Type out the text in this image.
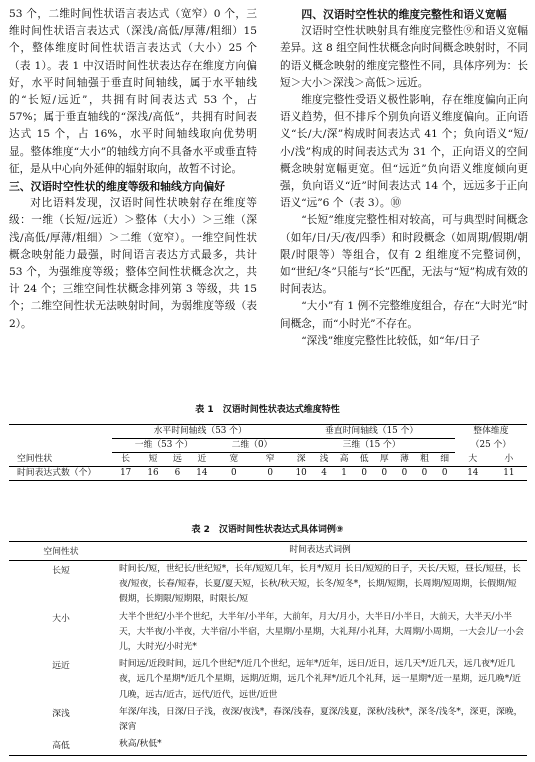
53 个，二维时间性状语言表达式（宽窄）0 个，三维时间性状语言表达式（深浅/高低/厚薄/粗细）15 个，整体维度时间性状语言表达式（大小）25 个（表 1）。表 1 中汉语时间性状表达存在维度方向偏好，水平时间轴强于垂直时间轴线，属于水平轴线的“长短/远近”，共拥有时间表达式 53 个，占 57%；属于垂直轴线的“深浅/高低”，共拥有时间表达式 15 个，占 16%，水平时间轴线取向优势明显。整体维度“大小”的轴线方向不具备水平或垂直特征，是从中心向外延伸的辐射取向，故暂不讨论。

三、汉语时空性状的维度等级和轴线方向偏好

对比语料发现，汉语时间性状映射存在维度等级：一维（长短/远近）＞整体（大小）＞三维（深浅/高低/厚薄/粗细）＞二维（宽窄）。一维空间性状概念映射能力最强，时间语言表达方式最多，共计 53 个，为强维度等级；整体空间性状概念次之，共计 24 个；三维空间性状概念排列第 3 等级，共 15 个；二维空间性状无法映射时间，为弱维度等级（表 2）。

四、汉语时空性状的维度完整性和语义宽幅

汉语时空性状映射具有维度完整性⑨和语义宽幅差异。这 8 组空间性状概念向时间概念映射时，不同的语义概念映射的维度完整性不同，具体序列为：长短＞大小＞深浅＞高低＞远近。

维度完整性受语义极性影响，存在维度偏向正向语义趋势，但不排斥个别负向语义维度偏向。正向语义“长/大/深”构成时间表达式 41 个；负向语义“短/小/浅”构成的时间表达式为 31 个，正向语义的空间概念映射宽幅更宽。但“远近”负向语义维度倾向更强，负向语义“近”时间表达式 14 个，远远多于正向语义“远”6 个（表 3）。⑩

“长短”维度完整性相对较高，可与典型时间概念（如年/日/天/夜/四季）和时段概念（如周期/假期/朝限/时限等）等组合，仅有 2 组维度不完整词例，如“世纪/冬”只能与“长”匹配，无法与“短”构成有效的时间表达。

“大小”有 1 例不完整维度组合，存在“大时光”时间概念，而“小时光”不存在。

“深浅”维度完整性比较低，如“年/日子

表 1　汉语时间性状表达式维度特性
	水平时间轴线（53 个）						垂直时间轴线（15 个）								整体维度	
	一维（53 个）				二维（0）		三维（15 个）								（25 个）	
空间性状	长	短	远	近	宽	窄	深	浅	高	低	厚	薄	粗	细	大	小
时间表达式数（个）	17	16	6	14	0	0	10	4	1	0	0	0	0	0	14	11
表 2　汉语时间性状表达式具体词例⑨
空间性状	时间表达式词例
长短	时间长/短，世纪长/世纪短*，长年/短短几年，长月*/短月 长日/短短的日子，天长/天短，昼长/短昼，长夜/短夜，长春/短春，长夏/夏天短，长秋/秋天短，长冬/短冬*，长期/短期，长周期/短周期，长假期/短假期，长期限/短期限，时限长/短
大小	大半个世纪/小半个世纪，大半年/小半年，大前年，月大/月小，大半日/小半日，大前天，大半天/小半天，大半夜/小半夜，大半宿/小半宿，大星期/小星期，大礼拜/小礼拜，大周期/小周期，一大会儿/一小会儿，大时光/小时光*
远近	时间远/近段时间，远几个世纪*/近几个世纪，远年*/近年，远日/近日，远几天*/近几天，远几夜*/近几夜，远几个星期*/近几个星期，远期/近期，远几个礼拜*/近几个礼拜，远一星期*/近一星期，远几晚*/近几晚，远古/近古，远代/近代，远世/近世
深浅	年深/年浅，日深/日子浅，夜深/夜浅*，春深/浅春，夏深/浅夏，深秋/浅秋*，深冬/浅冬*，深更，深晚，深宵
高低	秋高/秋低*
